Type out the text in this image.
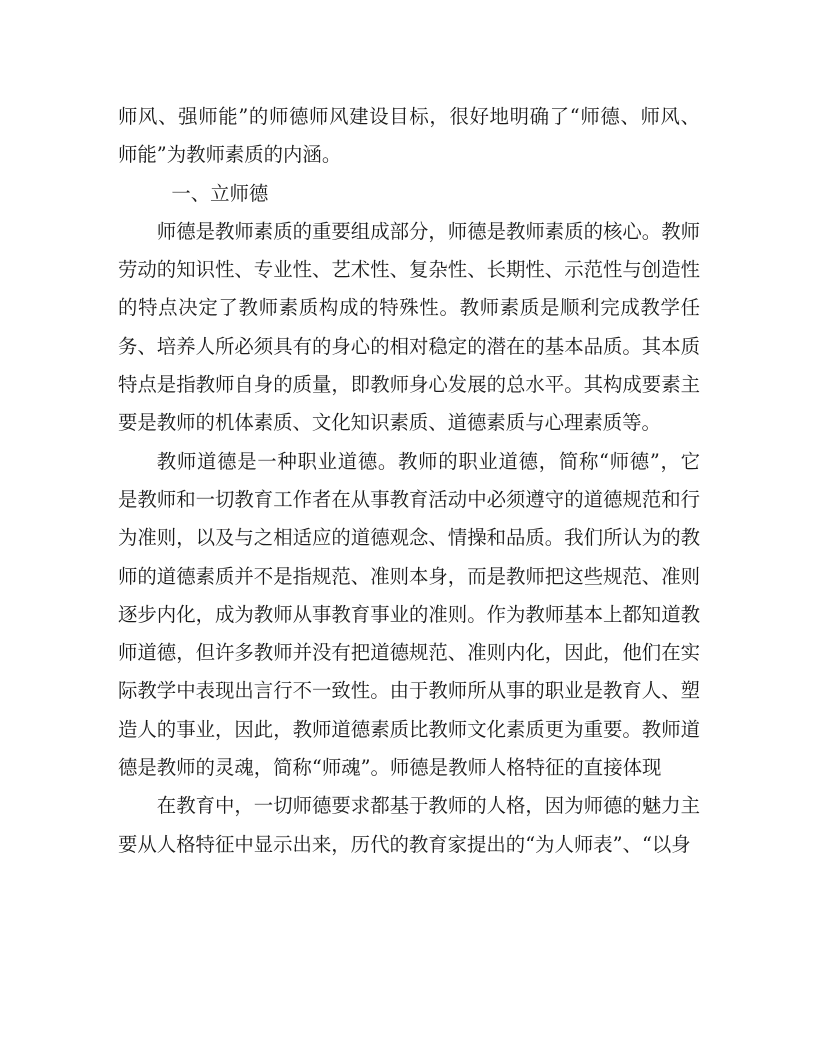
师风、强师能”的师德师风建设目标，很好地明确了“师德、师风、师能”为教师素质的内涵。

一、立师德

师德是教师素质的重要组成部分，师德是教师素质的核心。教师劳动的知识性、专业性、艺术性、复杂性、长期性、示范性与创造性的特点决定了教师素质构成的特殊性。教师素质是顺利完成教学任务、培养人所必须具有的身心的相对稳定的潜在的基本品质。其本质特点是指教师自身的质量，即教师身心发展的总水平。其构成要素主要是教师的机体素质、文化知识素质、道德素质与心理素质等。

教师道德是一种职业道德。教师的职业道德，简称“师德”，它是教师和一切教育工作者在从事教育活动中必须遵守的道德规范和行为准则，以及与之相适应的道德观念、情操和品质。我们所认为的教师的道德素质并不是指规范、准则本身，而是教师把这些规范、准则逐步内化，成为教师从事教育事业的准则。作为教师基本上都知道教师道德，但许多教师并没有把道德规范、准则内化，因此，他们在实际教学中表现出言行不一致性。由于教师所从事的职业是教育人、塑造人的事业，因此，教师道德素质比教师文化素质更为重要。教师道德是教师的灵魂，简称“师魂”。师德是教师人格特征的直接体现

在教育中，一切师德要求都基于教师的人格，因为师德的魅力主要从人格特征中显示出来，历代的教育家提出的“为人师表”、“以身
